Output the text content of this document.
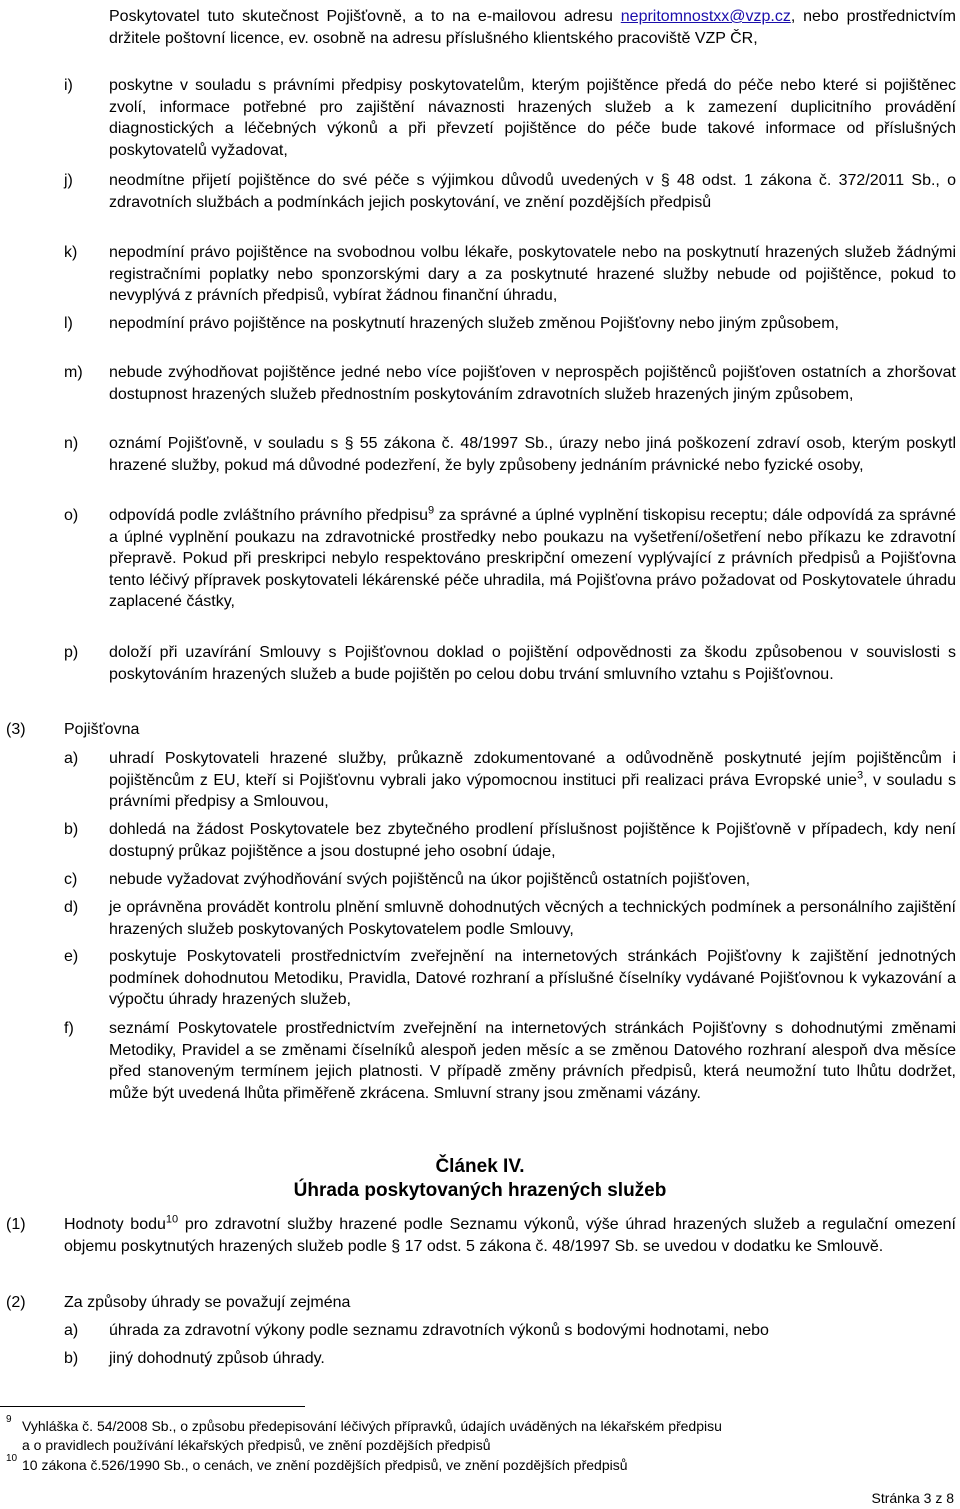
Poskytovatel tuto skutečnost Pojišťovně, a to na e-mailovou adresu nepritomnostxx@vzp.cz, nebo prostřednictvím držitele poštovní licence, ev. osobně na adresu příslušného klientského pracoviště VZP ČR,
i) poskytne v souladu s právními předpisy poskytovatelům, kterým pojištěnce předá do péče nebo které si pojištěnec zvolí, informace potřebné pro zajištění návaznosti hrazených služeb a k zamezení duplicitního provádění diagnostických a léčebných výkonů a při převzetí pojištěnce do péče bude takové informace od příslušných poskytovatelů vyžadovat,
j) neodmítne přijetí pojištěnce do své péče s výjimkou důvodů uvedených v § 48 odst. 1 zákona č. 372/2011 Sb., o zdravotních službách a podmínkách jejich poskytování, ve znění pozdějších předpisů
k) nepodmíní právo pojištěnce na svobodnou volbu lékaře, poskytovatele nebo na poskytnutí hrazených služeb žádnými registračními poplatky nebo sponzorskými dary a za poskytnuté hrazené služby nebude od pojištěnce, pokud to nevyplývá z právních předpisů, vybírat žádnou finanční úhradu,
l) nepodmíní právo pojištěnce na poskytnutí hrazených služeb změnou Pojišťovny nebo jiným způsobem,
m) nebude zvýhodňovat pojištěnce jedné nebo více pojišťoven v neprospěch pojištěnců pojišťoven ostatních a zhoršovat dostupnost hrazených služeb přednostním poskytováním zdravotních služeb hrazených jiným způsobem,
n) oznámí Pojišťovně, v souladu s § 55 zákona č. 48/1997 Sb., úrazy nebo jiná poškození zdraví osob, kterým poskytl hrazené služby, pokud má důvodné podezření, že byly způsobeny jednáním právnické nebo fyzické osoby,
o) odpovídá podle zvláštního právního předpisu$^9$ za správné a úplné vyplnění tiskopisu receptu; dále odpovídá za správné a úplné vyplnění poukazu na zdravotnické prostředky nebo poukazu na vyšetření/ošetření nebo příkazu ke zdravotní přepravě. Pokud při preskripci nebylo respektováno preskripční omezení vyplývající z právních předpisů a Pojišťovna tento léčivý přípravek poskytovateli lékárenské péče uhradila, má Pojišťovna právo požadovat od Poskytovatele úhradu zaplacené částky,
p) doloží při uzavírání Smlouvy s Pojišťovnou doklad o pojištění odpovědnosti za škodu způsobenou v souvislosti s poskytováním hrazených služeb a bude pojištěn po celou dobu trvání smluvního vztahu s Pojišťovnou.
(3) Pojišťovna
a) uhradí Poskytovateli hrazené služby, průkazně zdokumentované a odůvodněně poskytnuté jejím pojištěncům i pojištěncům z EU, kteří si Pojišťovnu vybrali jako výpomocnou instituci při realizaci práva Evropské unie$^3$, v souladu s právními předpisy a Smlouvou,
b) dohledá na žádost Poskytovatele bez zbytečného prodlení příslušnost pojištěnce k Pojišťovně v případech, kdy není dostupný průkaz pojištěnce a jsou dostupné jeho osobní údaje,
c) nebude vyžadovat zvýhodňování svých pojištěnců na úkor pojištěnců ostatních pojišťoven,
d) je oprávněna provádět kontrolu plnění smluvně dohodnutých věcných a technických podmínek a personálního zajištění hrazených služeb poskytovaných Poskytovatelem podle Smlouvy,
e) poskytuje Poskytovateli prostřednictvím zveřejnění na internetových stránkách Pojišťovny k zajištění jednotných podmínek dohodnutou Metodiku, Pravidla, Datové rozhraní a příslušné číselníky vydávané Pojišťovnou k vykazování a výpočtu úhrady hrazených služeb,
f) seznámí Poskytovatele prostřednictvím zveřejnění na internetových stránkách Pojišťovny s dohodnutými změnami Metodiky, Pravidel a se změnami číselníků alespoň jeden měsíc a se změnou Datového rozhraní alespoň dva měsíce před stanoveným termínem jejich platnosti. V případě změny právních předpisů, která neumožní tuto lhůtu dodržet, může být uvedená lhůta přiměřeně zkrácena. Smluvní strany jsou změnami vázány.
Článek IV.
Úhrada poskytovaných hrazených služeb
(1) Hodnoty bodu$^{10}$ pro zdravotní služby hrazené podle Seznamu výkonů, výše úhrad hrazených služeb a regulační omezení objemu poskytnutých hrazených služeb podle § 17 odst. 5 zákona č. 48/1997 Sb. se uvedou v dodatku ke Smlouvě.
(2) Za způsoby úhrady se považují zejména
a) úhrada za zdravotní výkony podle seznamu zdravotních výkonů s bodovými hodnotami, nebo
b) jiný dohodnutý způsob úhrady.
9 Vyhláška č. 54/2008 Sb., o způsobu předepisování léčivých přípravků, údajích uváděných na lékařském předpisu
a o pravidlech používání lékařských předpisů, ve znění pozdějších předpisů
10 10 zákona č.526/1990 Sb., o cenách, ve znění pozdějších předpisů, ve znění pozdějších předpisů
Stránka 3 z 8
